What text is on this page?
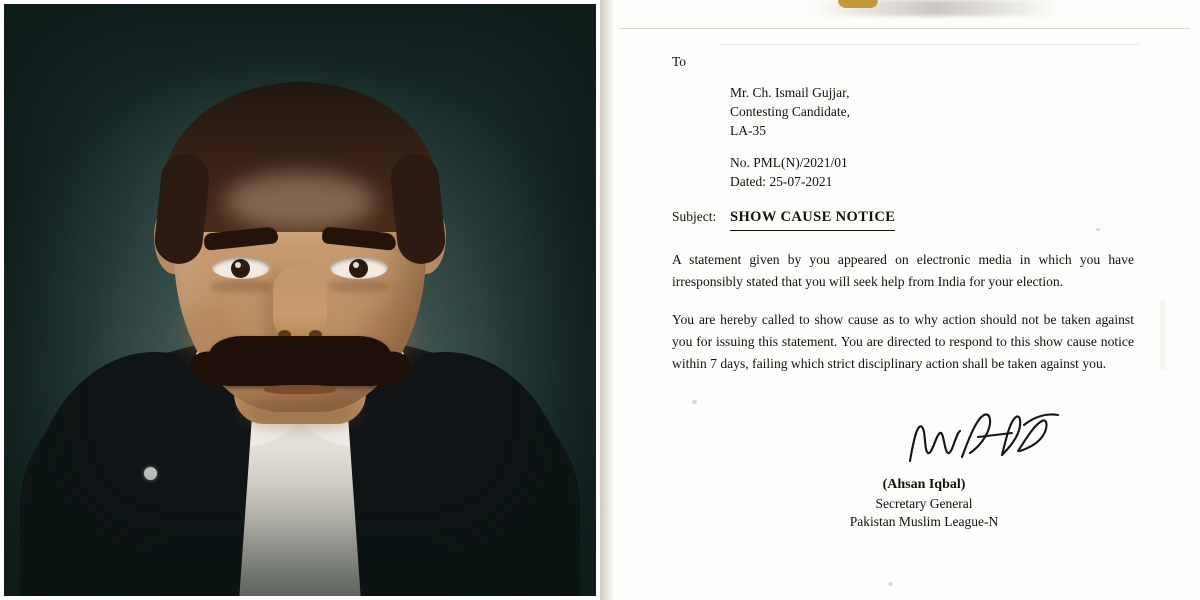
To

Mr. Ch. Ismail Gujjar,
Contesting Candidate,
LA-35
No. PML(N)/2021/01
Dated: 25-07-2021
Subject: SHOW CAUSE NOTICE

A statement given by you appeared on electronic media in which you have irresponsibly stated that you will seek help from India for your election.

You are hereby called to show cause as to why action should not be taken against you for issuing this statement. You are directed to respond to this show cause notice within 7 days, failing which strict disciplinary action shall be taken against you.

(Ahsan Iqbal)
Secretary General
Pakistan Muslim League-N
